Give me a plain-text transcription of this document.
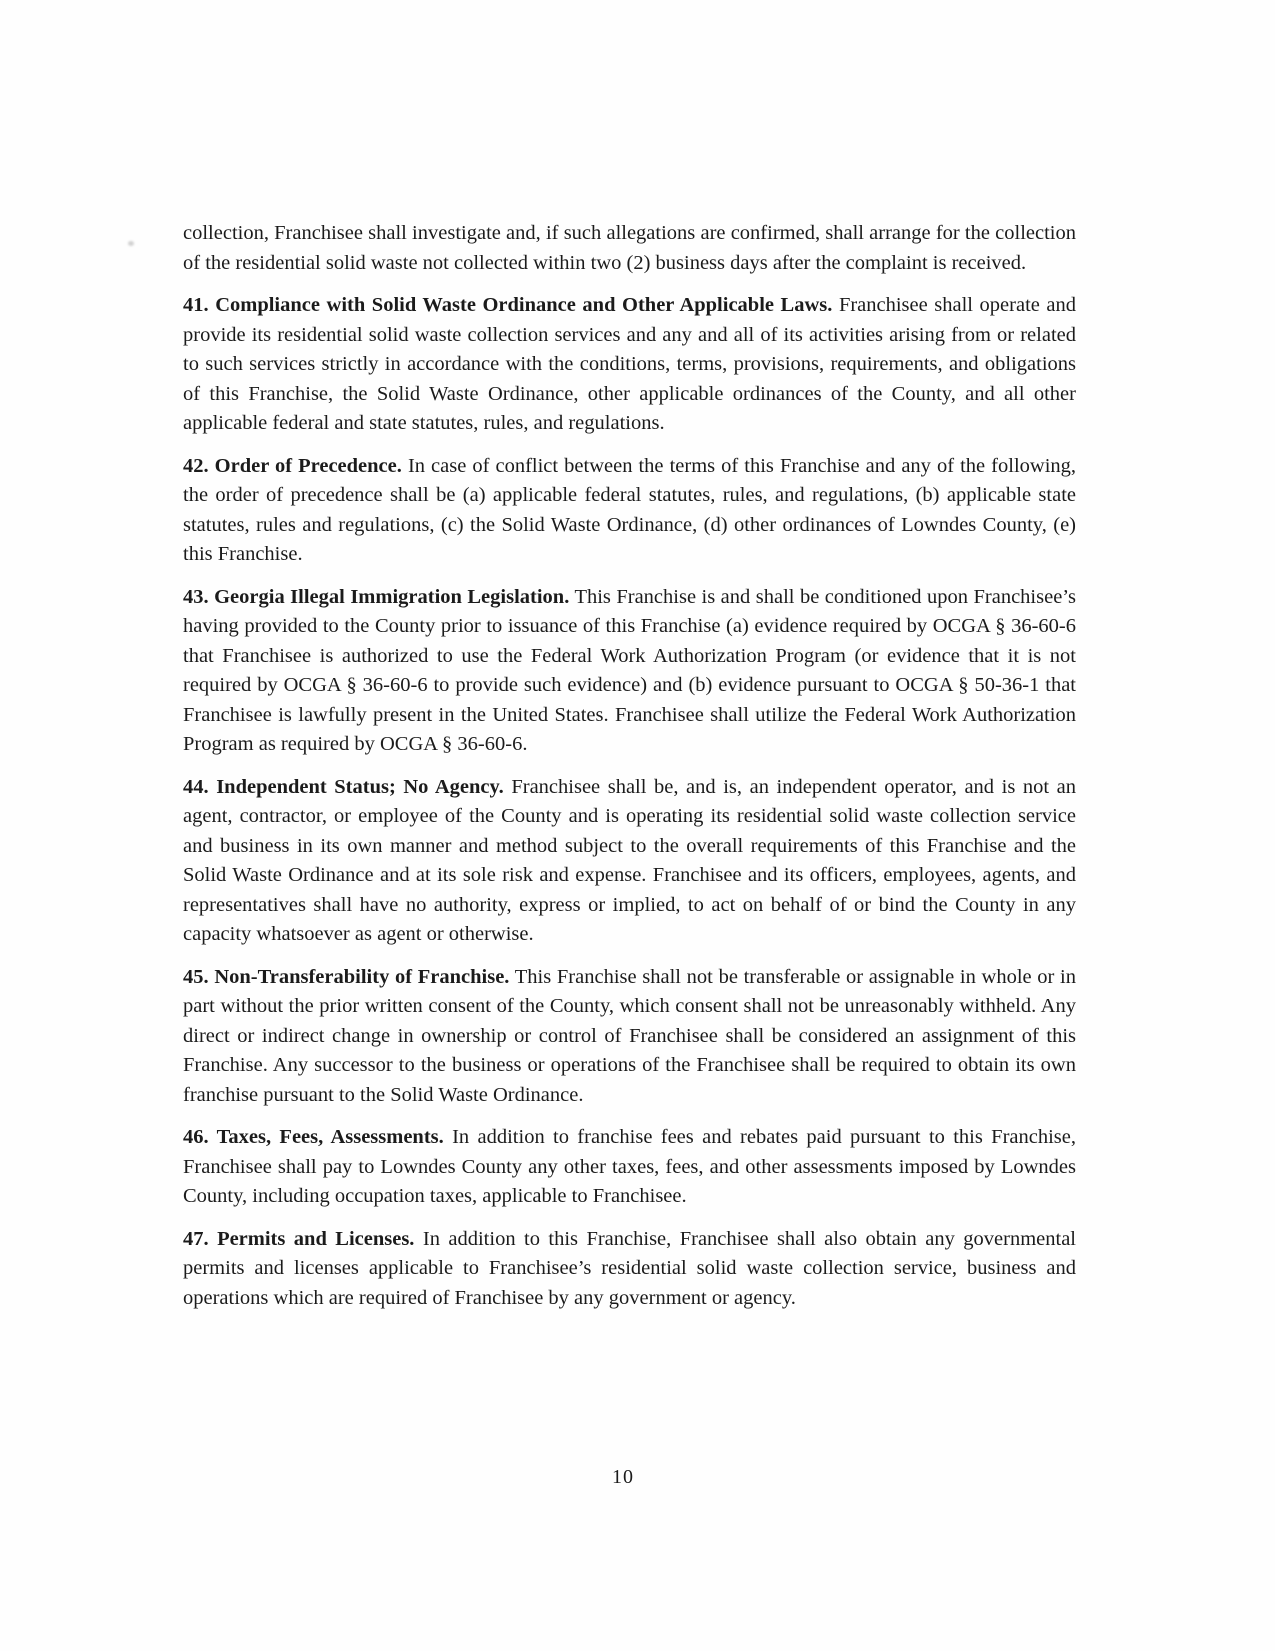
collection, Franchisee shall investigate and, if such allegations are confirmed, shall arrange for the collection of the residential solid waste not collected within two (2) business days after the complaint is received.

41. Compliance with Solid Waste Ordinance and Other Applicable Laws. Franchisee shall operate and provide its residential solid waste collection services and any and all of its activities arising from or related to such services strictly in accordance with the conditions, terms, provisions, requirements, and obligations of this Franchise, the Solid Waste Ordinance, other applicable ordinances of the County, and all other applicable federal and state statutes, rules, and regulations.

42. Order of Precedence. In case of conflict between the terms of this Franchise and any of the following, the order of precedence shall be (a) applicable federal statutes, rules, and regulations, (b) applicable state statutes, rules and regulations, (c) the Solid Waste Ordinance, (d) other ordinances of Lowndes County, (e) this Franchise.

43. Georgia Illegal Immigration Legislation. This Franchise is and shall be conditioned upon Franchisee’s having provided to the County prior to issuance of this Franchise (a) evidence required by OCGA § 36-60-6 that Franchisee is authorized to use the Federal Work Authorization Program (or evidence that it is not required by OCGA § 36-60-6 to provide such evidence) and (b) evidence pursuant to OCGA § 50-36-1 that Franchisee is lawfully present in the United States. Franchisee shall utilize the Federal Work Authorization Program as required by OCGA § 36-60-6.

44. Independent Status; No Agency. Franchisee shall be, and is, an independent operator, and is not an agent, contractor, or employee of the County and is operating its residential solid waste collection service and business in its own manner and method subject to the overall requirements of this Franchise and the Solid Waste Ordinance and at its sole risk and expense. Franchisee and its officers, employees, agents, and representatives shall have no authority, express or implied, to act on behalf of or bind the County in any capacity whatsoever as agent or otherwise.

45. Non-Transferability of Franchise. This Franchise shall not be transferable or assignable in whole or in part without the prior written consent of the County, which consent shall not be unreasonably withheld. Any direct or indirect change in ownership or control of Franchisee shall be considered an assignment of this Franchise. Any successor to the business or operations of the Franchisee shall be required to obtain its own franchise pursuant to the Solid Waste Ordinance.

46. Taxes, Fees, Assessments. In addition to franchise fees and rebates paid pursuant to this Franchise, Franchisee shall pay to Lowndes County any other taxes, fees, and other assessments imposed by Lowndes County, including occupation taxes, applicable to Franchisee.

47. Permits and Licenses. In addition to this Franchise, Franchisee shall also obtain any governmental permits and licenses applicable to Franchisee’s residential solid waste collection service, business and operations which are required of Franchisee by any government or agency.

10
